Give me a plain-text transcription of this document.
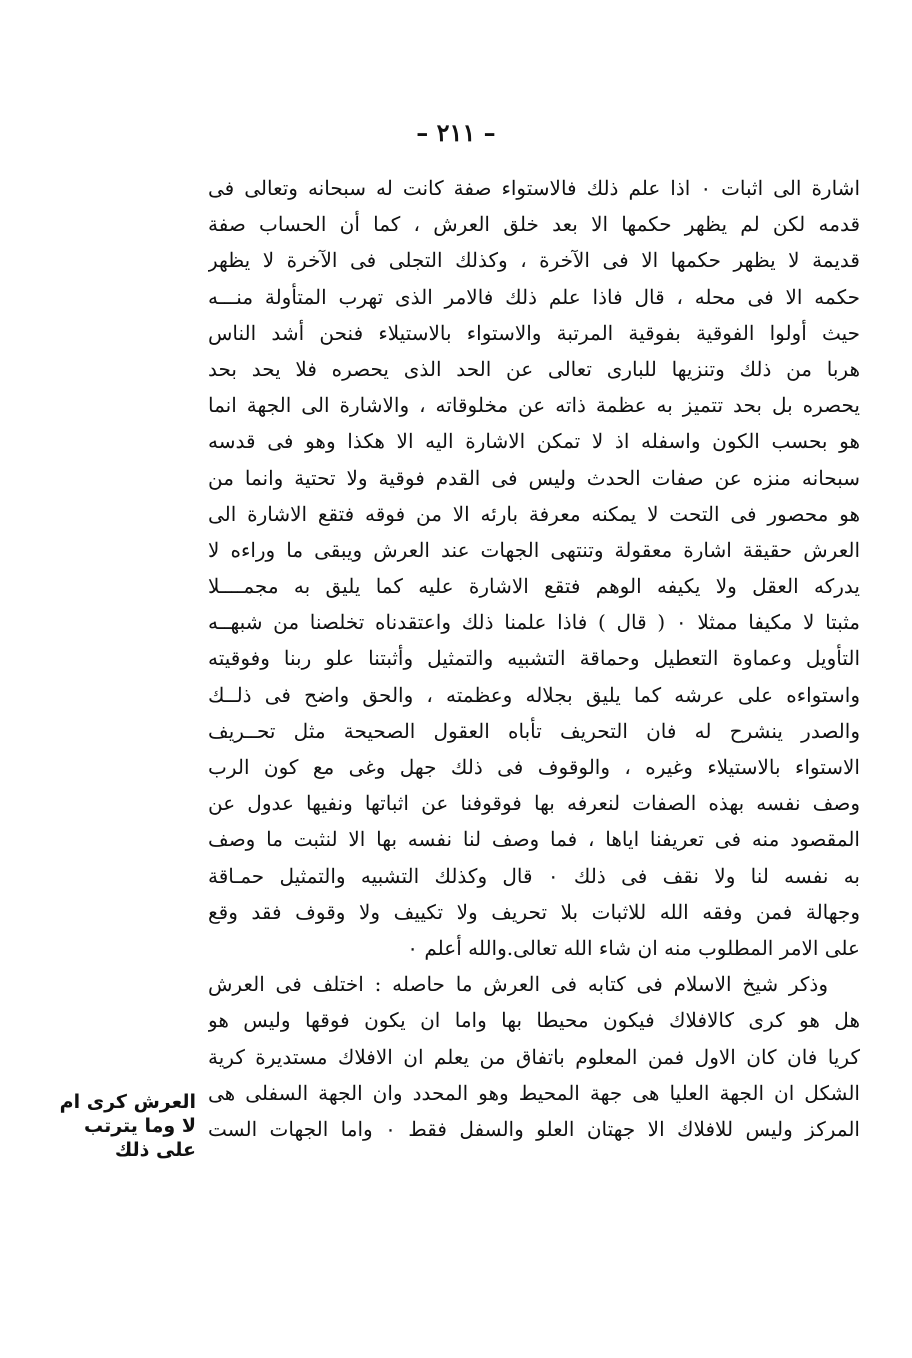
– ٢١١ –
اشارة الى اثبات ٠ اذا علم ذلك فالاستواء صفة كانت له سبحانه وتعالى فى
قدمه لكن لم يظهر حكمها الا بعد خلق العرش ، كما أن الحساب صفة
قديمة لا يظهر حكمها الا فى الآخرة ، وكذلك التجلى فى الآخرة لا يظهر
حكمه الا فى محله ، قال فاذا علم ذلك فالامر الذى تهرب المتأولة منـــه
حيث أولوا الفوقية بفوقية المرتبة والاستواء بالاستيلاء فنحن أشد الناس
هربا من ذلك وتنزيها للبارى تعالى عن الحد الذى يحصره فلا يحد بحد
يحصره بل بحد تتميز به عظمة ذاته عن مخلوقاته ، والاشارة الى الجهة انما
هو بحسب الكون واسفله اذ لا تمكن الاشارة اليه الا هكذا وهو فى قدسه
سبحانه منزه عن صفات الحدث وليس فى القدم فوقية ولا تحتية وانما من
هو محصور فى التحت لا يمكنه معرفة بارئه الا من فوقه فتقع الاشارة الى
العرش حقيقة اشارة معقولة وتنتهى الجهات عند العرش ويبقى ما وراءه لا
يدركه العقل ولا يكيفه الوهم فتقع الاشارة عليه كما يليق به مجمــــلا
مثبتا لا مكيفا ممثلا ٠ ( قال ) فاذا علمنا ذلك واعتقدناه تخلصنا من شبهــه
التأويل وعماوة التعطيل وحماقة التشبيه والتمثيل وأثبتنا علو ربنا وفوقيته
واستواءه على عرشه كما يليق بجلاله وعظمته ، والحق واضح فى ذلــك
والصدر ينشرح له فان التحريف تأباه العقول الصحيحة مثل تحــريف
الاستواء بالاستيلاء وغيره ، والوقوف فى ذلك جهل وغى مع كون الرب
وصف نفسه بهذه الصفات لنعرفه بها فوقوفنا عن اثباتها ونفيها عدول عن
المقصود منه فى تعريفنا اياها ، فما وصف لنا نفسه بها الا لنثبت ما وصف
به نفسه لنا ولا نقف فى ذلك ٠ قال وكذلك التشبيه والتمثيل حمـاقة
وجهالة فمن وفقه الله للاثبات بلا تحريف ولا تكييف ولا وقوف فقد وقع
على الامر المطلوب منه ان شاء الله تعالى.والله أعلم ٠
وذكر شيخ الاسلام فى كتابه فى العرش ما حاصله : اختلف فى العرش
هل هو كرى كالافلاك فيكون محيطا بها واما ان يكون فوقها وليس هو
كريا فان كان الاول فمن المعلوم باتفاق من يعلم ان الافلاك مستديرة كرية
الشكل ان الجهة العليا هى جهة المحيط وهو المحدد وان الجهة السفلى هى
المركز وليس للافلاك الا جهتان العلو والسفل فقط ٠ واما الجهات الست
العرش كرى ام
لا وما يترتب
على ذلك
